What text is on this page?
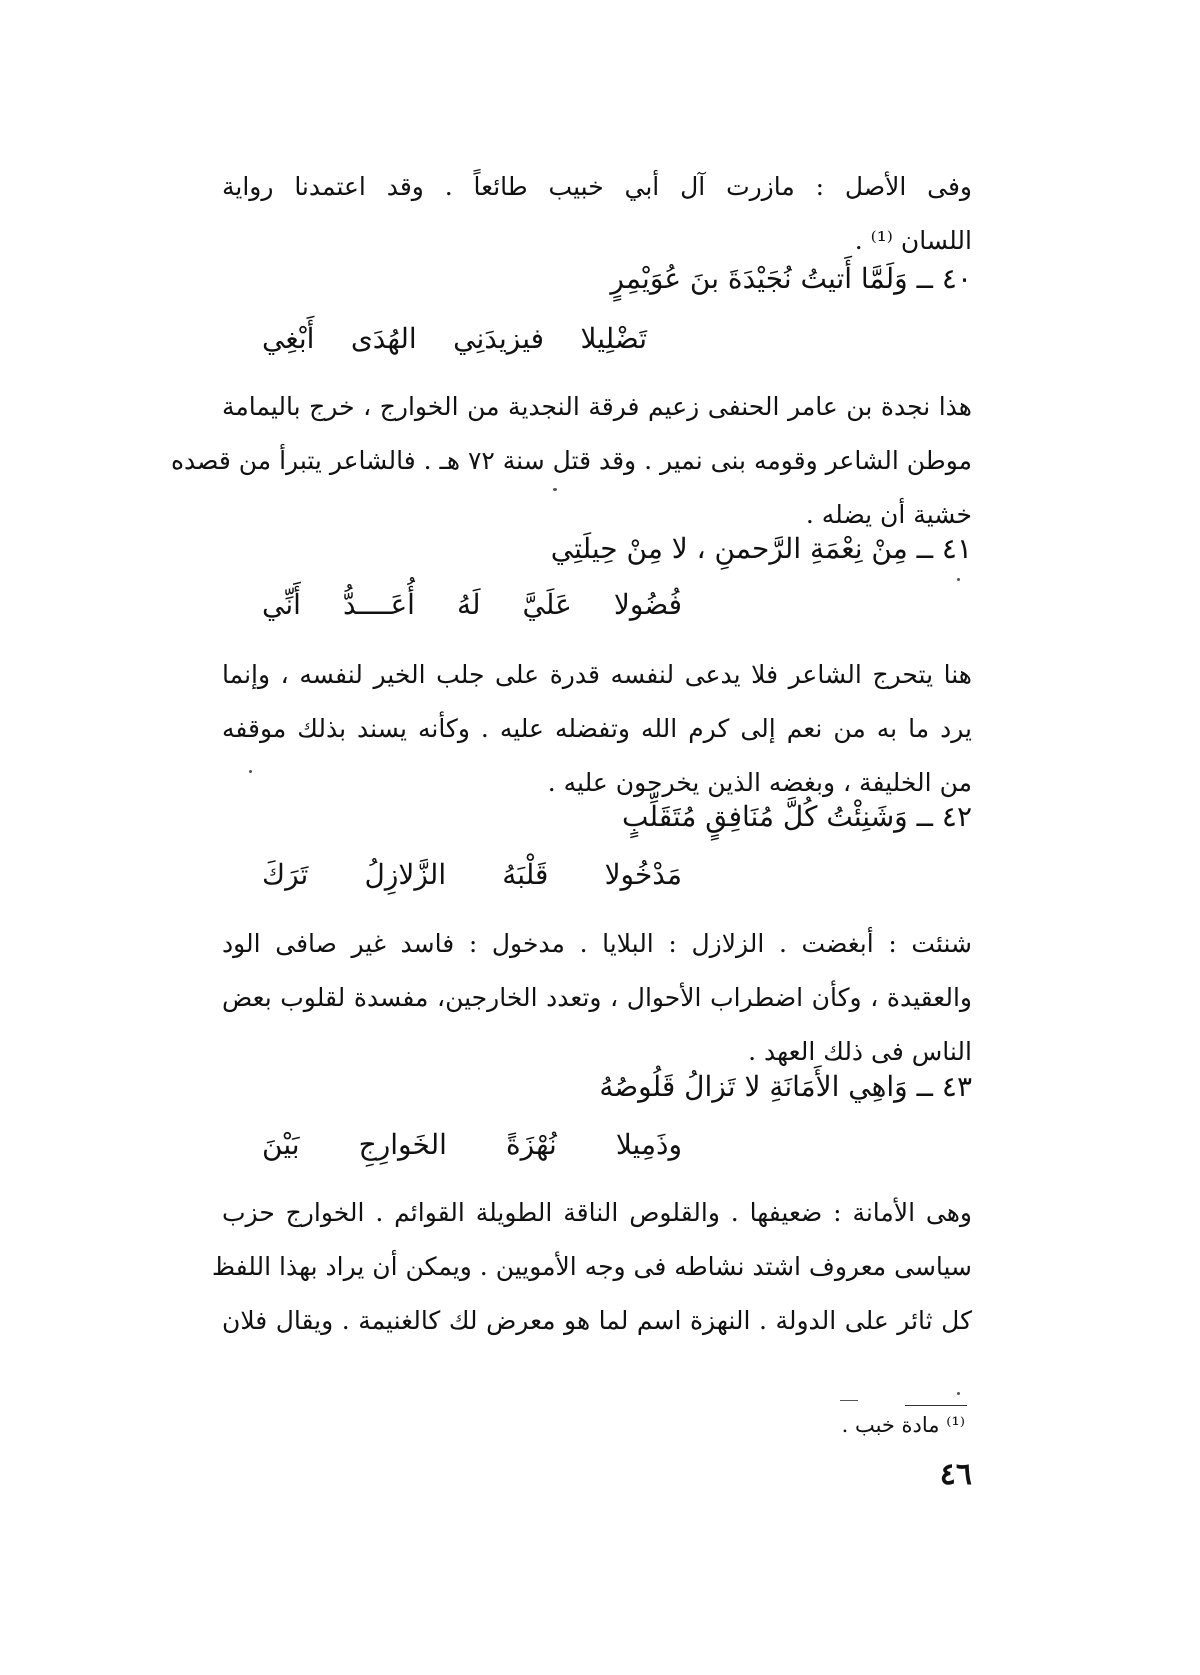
وفى الأصل : مازرت آل أبي خبيب طائعاً . وقد اعتمدنا رواية
اللسان ⁽¹⁾ .
٤٠ ــ وَلَمَّا أَتيتُ نُجَيْدَةَ بنَ عُوَيْمِرٍ
أَبْغِي الهُدَى فيزيدَنِي تَضْلِيلا
هذا نجدة بن عامر الحنفى زعيم فرقة النجدية من الخوارج ، خرج باليمامة
موطن الشاعر وقومه بنى نمير . وقد قتل سنة ٧٢ هـ . فالشاعر يتبرأ من قصده
خشية أن يضله .
٤١ ــ مِنْ نِعْمَةِ الرَّحمنِ ، لا مِنْ حِيلَتِي
أَنِّي أُعَــــدُّ لَهُ عَلَيَّ فُضُولا
هنا يتحرج الشاعر فلا يدعى لنفسه قدرة على جلب الخير لنفسه ، وإنما
يرد ما به من نعم إلى كرم الله وتفضله عليه . وكأنه يسند بذلك موقفه
من الخليفة ، وبغضه الذين يخرجون عليه .
٤٢ ــ وَشَنِئْتُ كُلَّ مُنَافِقٍ مُتَقَلِّبٍ
تَرَكَ الزَّلازِلُ قَلْبَهُ مَدْخُولا
شنئت : أبغضت . الزلازل : البلايا . مدخول : فاسد غير صافى الود
والعقيدة ، وكأن اضطراب الأحوال ، وتعدد الخارجين، مفسدة لقلوب بعض
الناس فى ذلك العهد .
٤٣ ــ وَاهِي الأَمَانَةِ لا تَزالُ قَلُوصُهُ
بَيْنَ الخَوارِجِ نُهْزَةً وذَمِيلا
وهى الأمانة : ضعيفها . والقلوص الناقة الطويلة القوائم . الخوارج حزب
سياسى معروف اشتد نشاطه فى وجه الأمويين . ويمكن أن يراد بهذا اللفظ
كل ثائر على الدولة . النهزة اسم لما هو معرض لك كالغنيمة . ويقال فلان
⁽¹⁾ مادة خبب .
٤٦
